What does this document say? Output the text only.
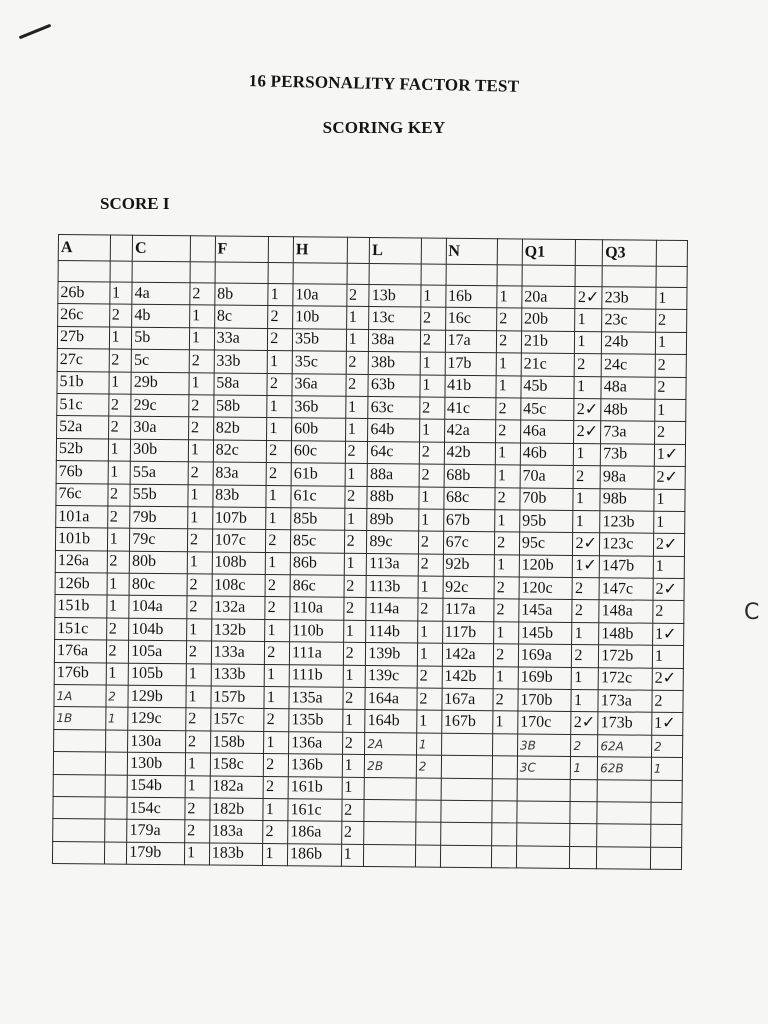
16 PERSONALITY FACTOR TEST
SCORING KEY
SCORE I
A		C		F		H		L		N		Q1		Q3	

26b	1	4a	2	8b	1	10a	2	13b	1	16b	1	20a	2✓	23b	1
26c	2	4b	1	8c	2	10b	1	13c	2	16c	2	20b	1	23c	2
27b	1	5b	1	33a	2	35b	1	38a	2	17a	2	21b	1	24b	1
27c	2	5c	2	33b	1	35c	2	38b	1	17b	1	21c	2	24c	2
51b	1	29b	1	58a	2	36a	2	63b	1	41b	1	45b	1	48a	2
51c	2	29c	2	58b	1	36b	1	63c	2	41c	2	45c	2✓	48b	1
52a	2	30a	2	82b	1	60b	1	64b	1	42a	2	46a	2✓	73a	2
52b	1	30b	1	82c	2	60c	2	64c	2	42b	1	46b	1	73b	1✓
76b	1	55a	2	83a	2	61b	1	88a	2	68b	1	70a	2	98a	2✓
76c	2	55b	1	83b	1	61c	2	88b	1	68c	2	70b	1	98b	1
101a	2	79b	1	107b	1	85b	1	89b	1	67b	1	95b	1	123b	1
101b	1	79c	2	107c	2	85c	2	89c	2	67c	2	95c	2✓	123c	2✓
126a	2	80b	1	108b	1	86b	1	113a	2	92b	1	120b	1✓	147b	1
126b	1	80c	2	108c	2	86c	2	113b	1	92c	2	120c	2	147c	2✓
151b	1	104a	2	132a	2	110a	2	114a	2	117a	2	145a	2	148a	2
151c	2	104b	1	132b	1	110b	1	114b	1	117b	1	145b	1	148b	1✓
176a	2	105a	2	133a	2	111a	2	139b	1	142a	2	169a	2	172b	1
176b	1	105b	1	133b	1	111b	1	139c	2	142b	1	169b	1	172c	2✓
1A	2	129b	1	157b	1	135a	2	164a	2	167a	2	170b	1	173a	2
1B	1	129c	2	157c	2	135b	1	164b	1	167b	1	170c	2✓	173b	1✓
		130a	2	158b	1	136a	2	2A	1			3B	2	62A	2
		130b	1	158c	2	136b	1	2B	2			3C	1	62B	1
		154b	1	182a	2	161b	1								
		154c	2	182b	1	161c	2								
		179a	2	183a	2	186a	2								
		179b	1	183b	1	186b	1								
C
